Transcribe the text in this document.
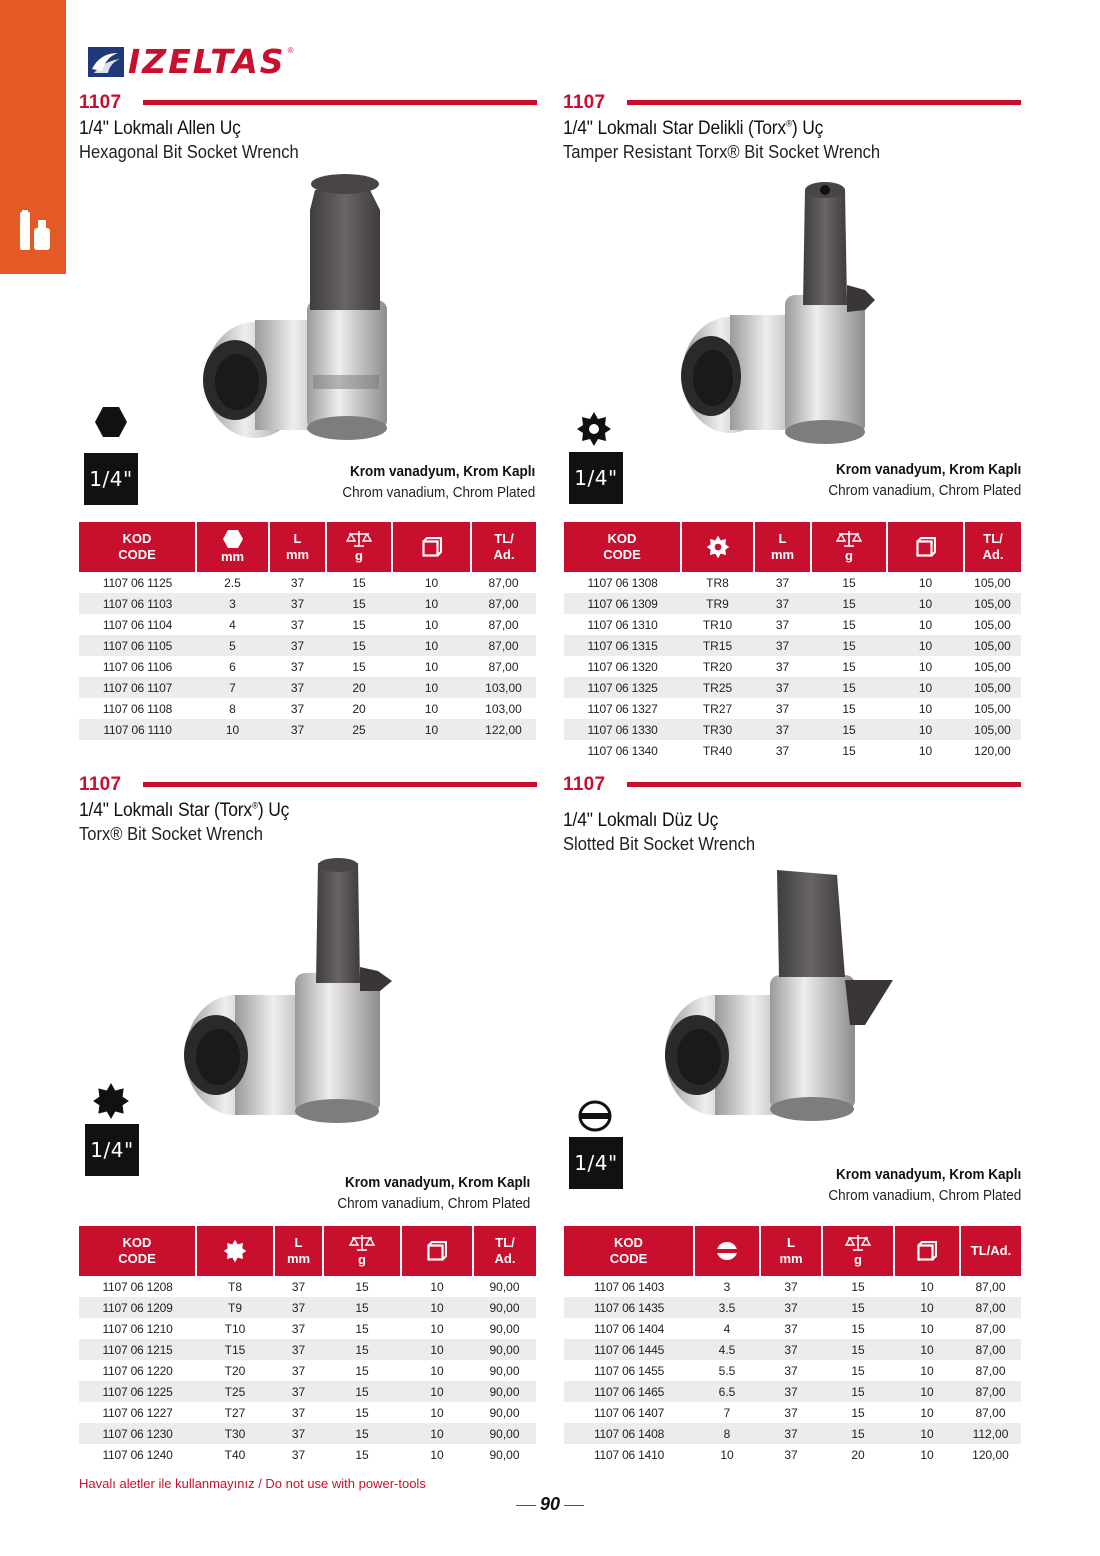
IZELTAS ®
1107
1/4" Lokmalı Allen Uç
Hexagonal Bit Socket Wrench
1/4"	Krom vanadyum, Krom Kaplı
Chrom vanadium, Chrom Plated
KOD
CODE	mm	L
mm	g		TL/
Ad.
1107 06 1125	2.5	37	15	10	87,00
1107 06 1103	3	37	15	10	87,00
1107 06 1104	4	37	15	10	87,00
1107 06 1105	5	37	15	10	87,00
1107 06 1106	6	37	15	10	87,00
1107 06 1107	7	37	20	10	103,00
1107 06 1108	8	37	20	10	103,00
1107 06 1110	10	37	25	10	122,00
1107
1/4" Lokmalı Star Delikli (Torx®) Uç
Tamper Resistant Torx® Bit Socket Wrench
1/4"	Krom vanadyum, Krom Kaplı
Chrom vanadium, Chrom Plated
KOD
CODE		L
mm	g		TL/
Ad.
1107 06 1308	TR8	37	15	10	105,00
1107 06 1309	TR9	37	15	10	105,00
1107 06 1310	TR10	37	15	10	105,00
1107 06 1315	TR15	37	15	10	105,00
1107 06 1320	TR20	37	15	10	105,00
1107 06 1325	TR25	37	15	10	105,00
1107 06 1327	TR27	37	15	10	105,00
1107 06 1330	TR30	37	15	10	105,00
1107 06 1340	TR40	37	15	10	120,00
1107
1/4" Lokmalı Star (Torx®) Uç
Torx® Bit Socket Wrench
1/4"
Krom vanadyum, Krom Kaplı
Chrom vanadium, Chrom Plated
KOD
CODE		L
mm	g		TL/
Ad.
1107 06 1208	T8	37	15	10	90,00
1107 06 1209	T9	37	15	10	90,00
1107 06 1210	T10	37	15	10	90,00
1107 06 1215	T15	37	15	10	90,00
1107 06 1220	T20	37	15	10	90,00
1107 06 1225	T25	37	15	10	90,00
1107 06 1227	T27	37	15	10	90,00
1107 06 1230	T30	37	15	10	90,00
1107 06 1240	T40	37	15	10	90,00
1107
1/4" Lokmalı Düz Uç
Slotted Bit Socket Wrench
1/4"	Krom vanadyum, Krom Kaplı
Chrom vanadium, Chrom Plated
KOD
CODE		L
mm	g		TL/Ad.
1107 06 1403	3	37	15	10	87,00
1107 06 1435	3.5	37	15	10	87,00
1107 06 1404	4	37	15	10	87,00
1107 06 1445	4.5	37	15	10	87,00
1107 06 1455	5.5	37	15	10	87,00
1107 06 1465	6.5	37	15	10	87,00
1107 06 1407	7	37	15	10	87,00
1107 06 1408	8	37	15	10	112,00
1107 06 1410	10	37	20	10	120,00
Havalı aletler ile kullanmayınız / Do not use with power-tools
90
